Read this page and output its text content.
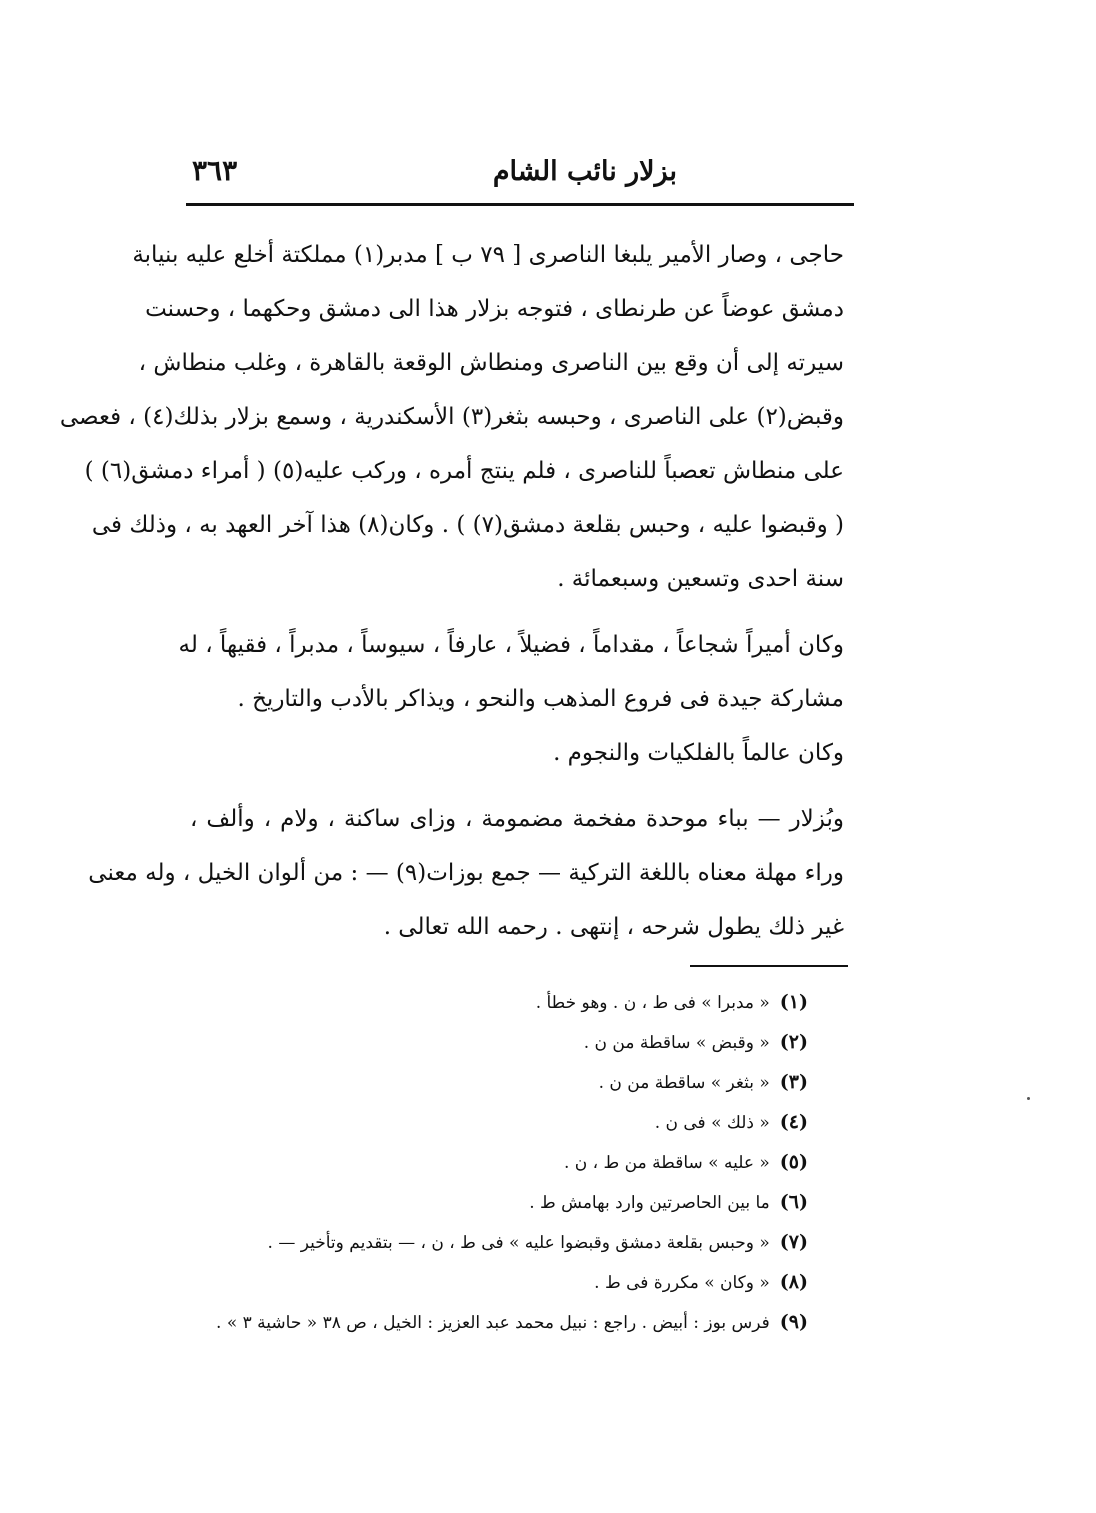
بزلار نائب الشام
٣٦٣
حاجى ، وصار الأمير يلبغا الناصرى [ ٧٩ ب ] مدبر(١) مملكتة أخلع عليه بنيابة
دمشق عوضاً عن طرنطاى ، فتوجه بزلار هذا الى دمشق وحكهما ، وحسنت
سيرته إلى أن وقع بين الناصرى ومنطاش الوقعة بالقاهرة ، وغلب منطاش ،
وقبض(٢) على الناصرى ، وحبسه بثغر(٣) الأسكندرية ، وسمع بزلار بذلك(٤) ، فعصى
على منطاش تعصباً للناصرى ، فلم ينتج أمره ، وركب عليه(٥) ( أمراء دمشق(٦) )
( وقبضوا عليه ، وحبس بقلعة دمشق(٧) ) . وكان(٨) هذا آخر العهد به ، وذلك فى
سنة احدى وتسعين وسبعمائة .
وكان أميراً شجاعاً ، مقداماً ، فضيلاً ، عارفاً ، سيوساً ، مدبراً ، فقيهاً ، له
مشاركة جيدة فى فروع المذهب والنحو ، ويذاكر بالأدب والتاريخ .
وكان عالماً بالفلكيات والنجوم .
وبُزلار — بباء موحدة مفخمة مضمومة ، وزاى ساكنة ، ولام ، وألف ،
وراء مهلة معناه باللغة التركية — جمع بوزات(٩) — : من ألوان الخيل ، وله معنى
غير ذلك يطول شرحه ، إنتهى . رحمه الله تعالى .
(١)« مدبرا » فى ط ، ن . وهو خطأ .
(٢)« وقبض » ساقطة من ن .
(٣)« بثغر » ساقطة من ن .
(٤)« ذلك » فى ن .
(٥)« عليه » ساقطة من ط ، ن .
(٦)ما بين الحاصرتين وارد بهامش ط .
(٧)« وحبس بقلعة دمشق وقبضوا عليه » فى ط ، ن ، — بتقديم وتأخير — .
(٨)« وكان » مكررة فى ط .
(٩)فرس بوز : أبيض . راجع : نبيل محمد عبد العزيز : الخيل ، ص ٣٨ « حاشية ٣ » .
